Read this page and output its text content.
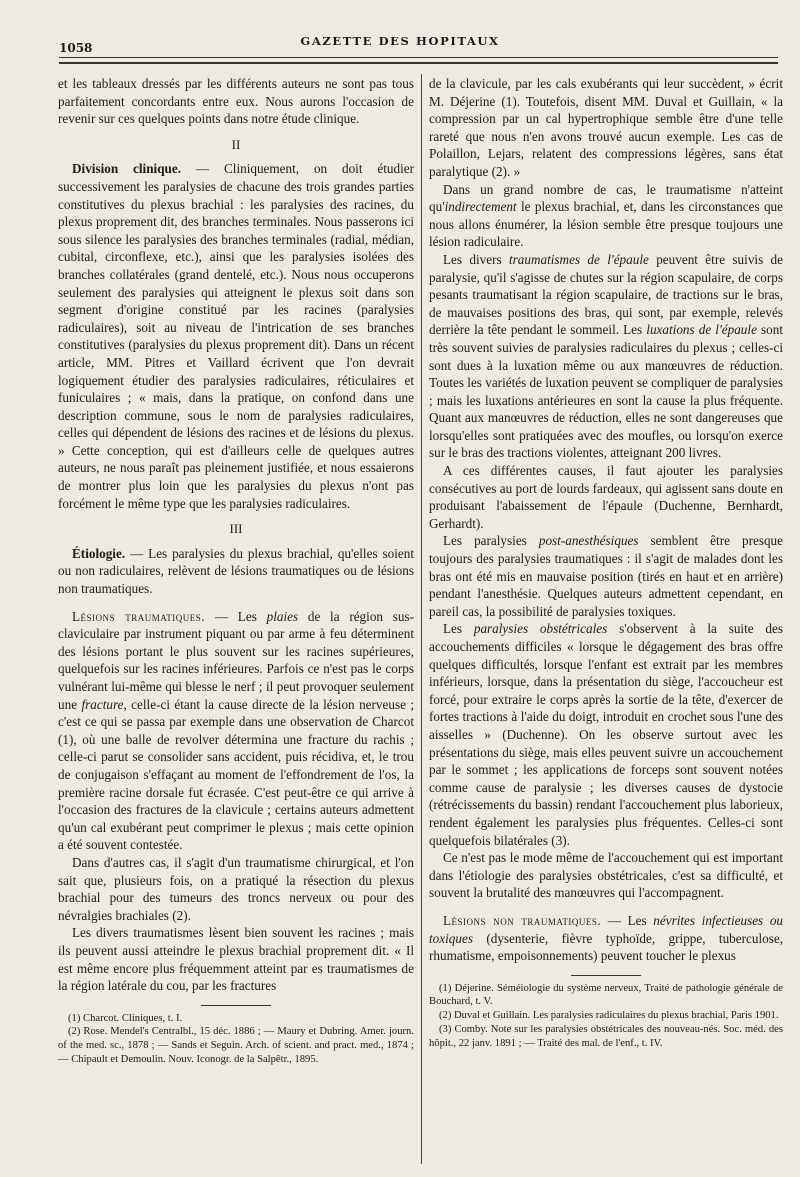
1058	GAZETTE DES HOPITAUX

et les tableaux dressés par les différents auteurs ne sont pas tous parfaitement concordants entre eux. Nous aurons l'occasion de revenir sur ces quelques points dans notre étude clinique.

II

Division clinique. — Cliniquement, on doit étudier successivement les paralysies de chacune des trois grandes parties constitutives du plexus brachial : les paralysies des racines, du plexus proprement dit, des branches terminales. Nous passerons ici sous silence les paralysies des branches terminales (radial, médian, cubital, circonflexe, etc.), ainsi que les paralysies isolées des branches collatérales (grand dentelé, etc.). Nous nous occuperons seulement des paralysies qui atteignent le plexus soit dans son segment d'origine constitué par les racines (paralysies radiculaires), soit au niveau de l'intrication de ses branches constitutives (paralysies du plexus proprement dit). Dans un récent article, MM. Pitres et Vaillard écrivent que l'on devrait logiquement étudier des paralysies radiculaires, réticulaires et funiculaires ; « mais, dans la pratique, on confond dans une description commune, sous le nom de paralysies radiculaires, celles qui dépendent de lésions des racines et de lésions du plexus. » Cette conception, qui est d'ailleurs celle de quelques autres auteurs, ne nous paraît pas pleinement justifiée, et nous essaierons de montrer plus loin que les paralysies du plexus n'ont pas forcément le même type que les paralysies radiculaires.

III

Étiologie. — Les paralysies du plexus brachial, qu'elles soient ou non radiculaires, relèvent de lésions traumatiques ou de lésions non traumatiques.

Lésions traumatiques. — Les plaies de la région sus-claviculaire par instrument piquant ou par arme à feu déterminent des lésions portant le plus souvent sur les racines supérieures, quelquefois sur les racines inférieures. Parfois ce n'est pas le corps vulnérant lui-même qui blesse le nerf ; il peut provoquer seulement une fracture, celle-ci étant la cause directe de la lésion nerveuse ; c'est ce qui se passa par exemple dans une observation de Charcot (1), où une balle de revolver détermina une fracture du rachis ; celle-ci parut se consolider sans accident, puis récidiva, et, le trou de conjugaison s'effaçant au moment de l'effondrement de l'os, la première racine dorsale fut écrasée. C'est peut-être ce qui arrive à l'occasion des fractures de la clavicule ; certains auteurs admettent qu'un cal exubérant peut comprimer le plexus ; mais cette opinion a été souvent contestée.

Dans d'autres cas, il s'agit d'un traumatisme chirurgical, et l'on sait que, plusieurs fois, on a pratiqué la résection du plexus brachial pour des tumeurs des troncs nerveux ou pour des névralgies brachiales (2).

Les divers traumatismes lèsent bien souvent les racines ; mais ils peuvent aussi atteindre le plexus brachial proprement dit. « Il est même encore plus fréquemment atteint par es traumatismes de la région latérale du cou, par les fractures

(1) Charcot. Cliniques, t. I.

(2) Rose. Mendel's Centralbl., 15 déc. 1886 ; — Maury et Dubring. Amer. journ. of the med. sc., 1878 ; — Sands et Seguin. Arch. of scient. and pract. med., 1874 ; — Chipault et Demoulin. Nouv. Iconogr. de la Salpêtr., 1895.

de la clavicule, par les cals exubérants qui leur succèdent, » écrit M. Déjerine (1). Toutefois, disent MM. Duval et Guillain, « la compression par un cal hypertrophique semble être d'une telle rareté que nous n'en avons trouvé aucun exemple. Les cas de Polaillon, Lejars, relatent des compressions légères, sans état paralytique (2). »

Dans un grand nombre de cas, le traumatisme n'atteint qu'indirectement le plexus brachial, et, dans les circonstances que nous allons énumérer, la lésion semble être presque toujours une lésion radiculaire.

Les divers traumatismes de l'épaule peuvent être suivis de paralysie, qu'il s'agisse de chutes sur la région scapulaire, de corps pesants traumatisant la région scapulaire, de tractions sur le bras, de mauvaises positions des bras, qui sont, par exemple, relevés derrière la tête pendant le sommeil. Les luxations de l'épaule sont très souvent suivies de paralysies radiculaires du plexus ; celles-ci sont dues à la luxation même ou aux manœuvres de réduction. Toutes les variétés de luxation peuvent se compliquer de paralysies ; mais les luxations antérieures en sont la cause la plus fréquente. Quant aux manœuvres de réduction, elles ne sont dangereuses que lorsqu'elles sont pratiquées avec des moufles, ou lorsqu'on exerce sur le bras des tractions violentes, atteignant 200 livres.

A ces différentes causes, il faut ajouter les paralysies consécutives au port de lourds fardeaux, qui agissent sans doute en produisant l'abaissement de l'épaule (Duchenne, Bernhardt, Gerhardt).

Les paralysies post-anesthésiques semblent être presque toujours des paralysies traumatiques : il s'agit de malades dont les bras ont été mis en mauvaise position (tirés en haut et en arrière) pendant l'anesthésie. Quelques auteurs admettent cependant, en pareil cas, la possibilité de paralysies toxiques.

Les paralysies obstétricales s'observent à la suite des accouchements difficiles « lorsque le dégagement des bras offre quelques difficultés, lorsque l'enfant est extrait par les membres inférieurs, lorsque, dans la présentation du siège, l'accoucheur est forcé, pour extraire le corps après la sortie de la tête, d'exercer de fortes tractions à l'aide du doigt, introduit en crochet sous l'une des aisselles » (Duchenne). On les observe surtout avec les présentations du siège, mais elles peuvent suivre un accouchement par le sommet ; les applications de forceps sont souvent notées comme cause de paralysie ; les diverses causes de dystocie (rétrécissements du bassin) rendant l'accouchement plus laborieux, rendent également les paralysies plus fréquentes. Celles-ci sont quelquefois bilatérales (3).

Ce n'est pas le mode même de l'accouchement qui est important dans l'étiologie des paralysies obstétricales, c'est sa difficulté, et souvent la brutalité des manœuvres qui l'accompagnent.

Lésions non traumatiques. — Les névrites infectieuses ou toxiques (dysenterie, fièvre typhoïde, grippe, tuberculose, rhumatisme, empoisonnements) peuvent toucher le plexus

(1) Déjerine. Séméiologie du système nerveux, Traité de pathologie générale de Bouchard, t. V.

(2) Duval et Guillain. Les paralysies radiculaires du plexus brachial, Paris 1901.

(3) Comby. Note sur les paralysies obstétricales des nouveau-nés. Soc. méd. des hôpit., 22 janv. 1891 ; — Traité des mal. de l'enf., t. IV.
